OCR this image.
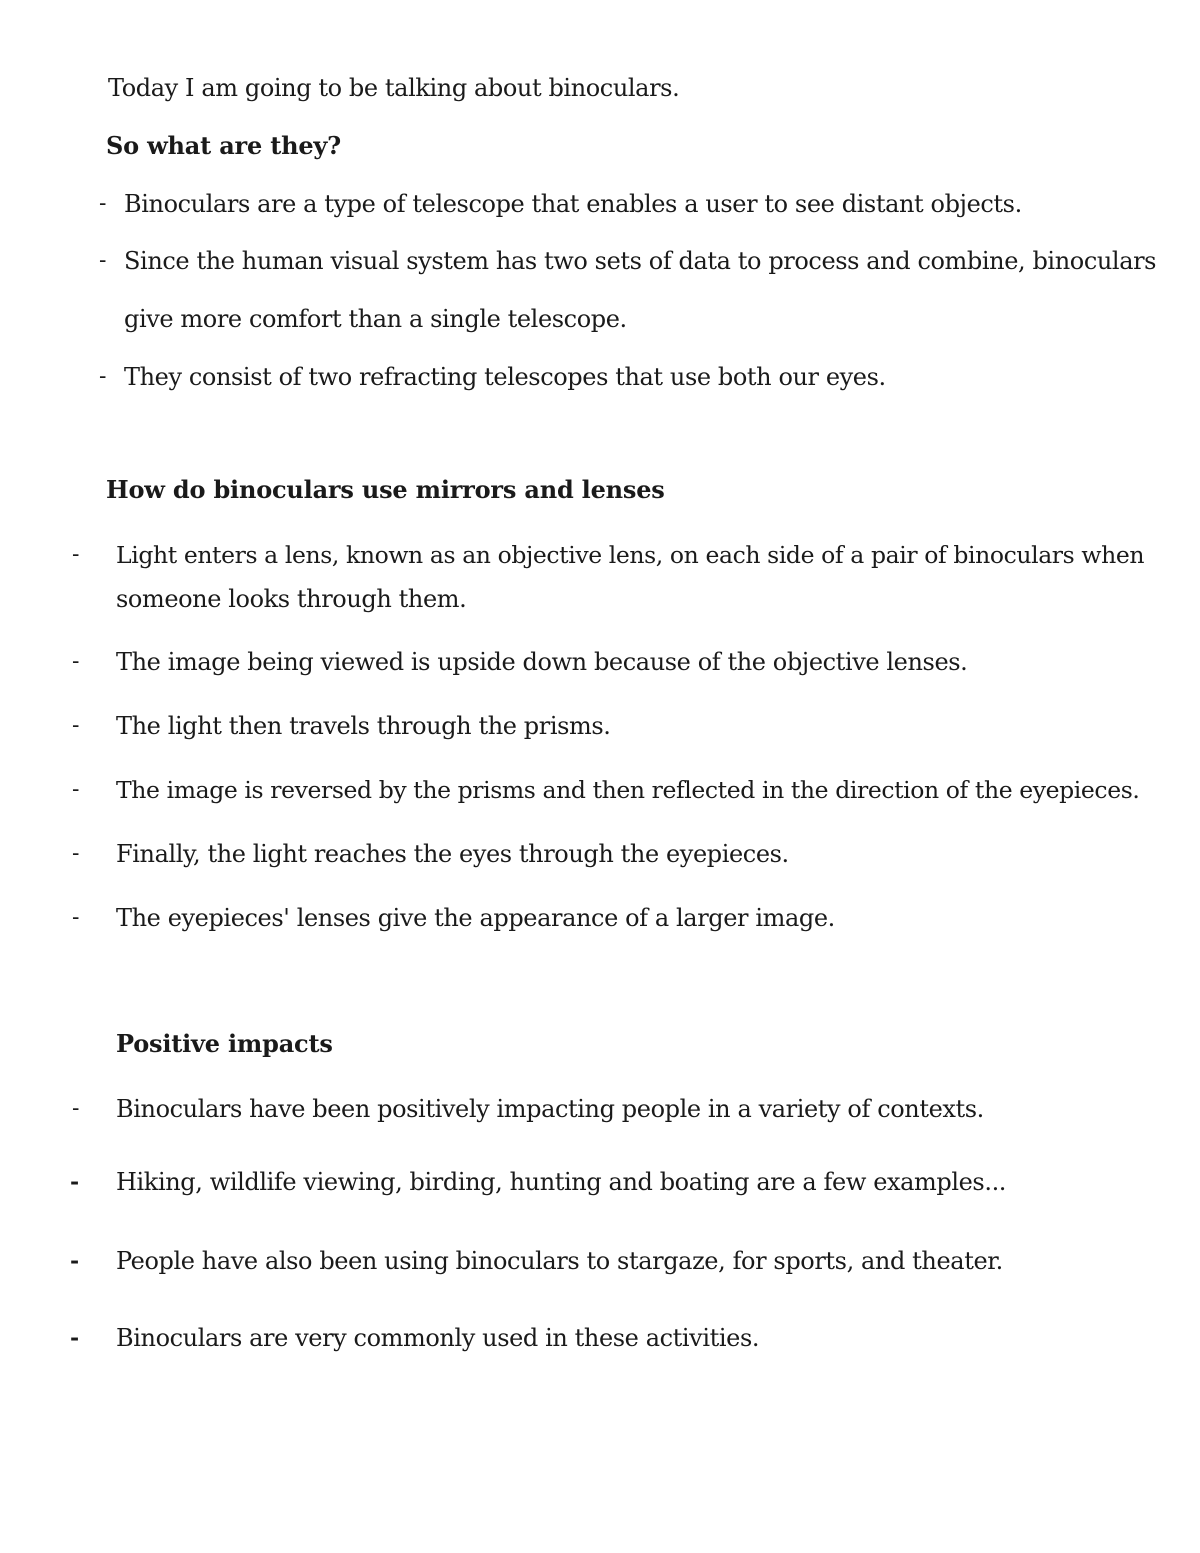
Today I am going to be talking about binoculars.
So what are they?
- Binoculars are a type of telescope that enables a user to see distant objects.
- Since the human visual system has two sets of data to process and combine, binoculars
give more comfort than a single telescope.
- They consist of two refracting telescopes that use both our eyes.
How do binoculars use mirrors and lenses
- Light enters a lens, known as an objective lens, on each side of a pair of binoculars when
someone looks through them.
- The image being viewed is upside down because of the objective lenses.
- The light then travels through the prisms.
- The image is reversed by the prisms and then reflected in the direction of the eyepieces.
- Finally, the light reaches the eyes through the eyepieces.
- The eyepieces' lenses give the appearance of a larger image.
Positive impacts
- Binoculars have been positively impacting people in a variety of contexts.
- Hiking, wildlife viewing, birding, hunting and boating are a few examples...
- People have also been using binoculars to stargaze, for sports, and theater.
- Binoculars are very commonly used in these activities.
